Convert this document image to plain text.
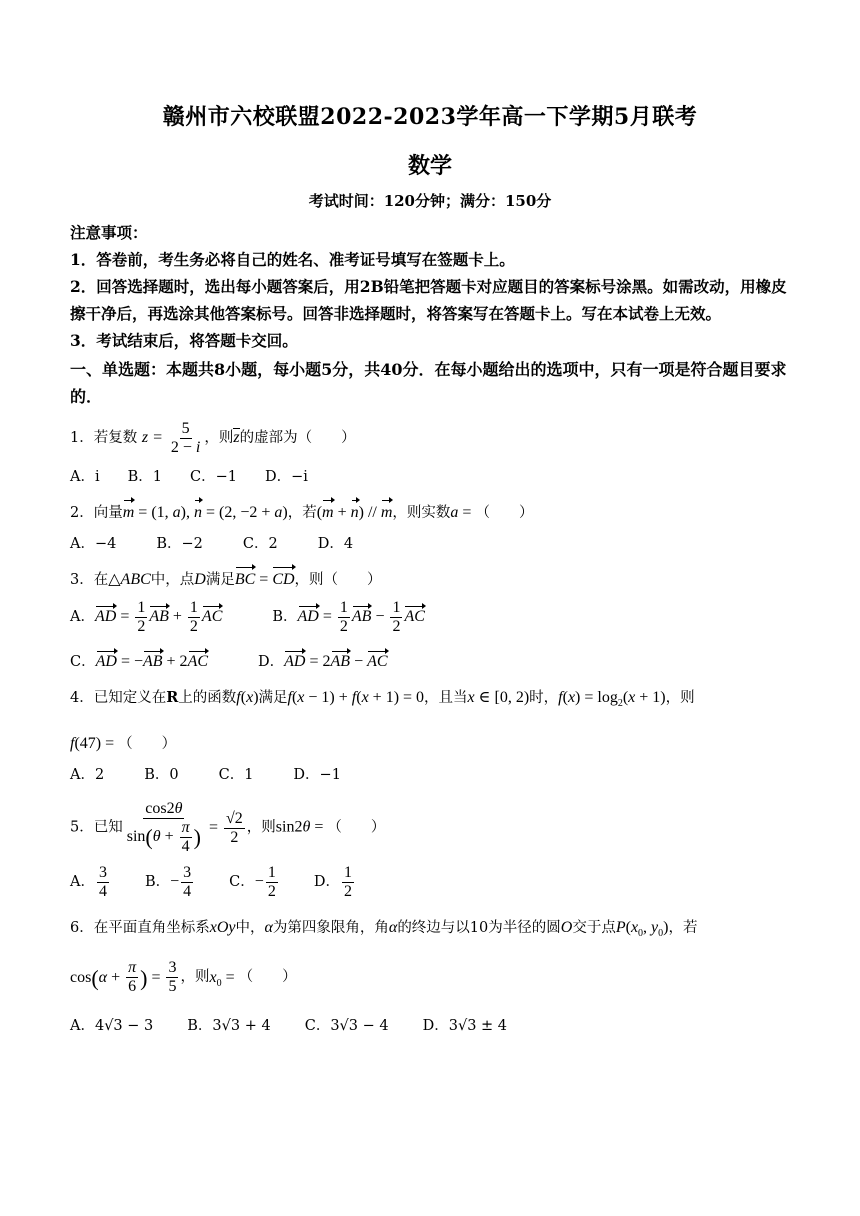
赣州市六校联盟2022-2023学年高一下学期5月联考
数学
考试时间：120分钟；满分：150分
注意事项：
1．答卷前，考生务必将自己的姓名、准考证号填写在签题卡上。
2．回答选择题时，选出每小题答案后，用2B铅笔把答题卡对应题目的答案标号涂黑。如需改动，用橡皮擦干净后，再选涂其他答案标号。回答非选择题时，将答案写在答题卡上。写在本试卷上无效。
3．考试结束后，将答题卡交回。
一、单选题：本题共8小题，每小题5分，共40分．在每小题给出的选项中，只有一项是符合题目要求的．
1．若复数 $z = \frac{5}{2 - i}$ ，则z的虚部为（　　）
A．i B．1 C．−1 D．−i
2．向量m = (1, a), n = (2, −2 + a)，若(m + n) // m，则实数a = （　　）
A．−4	B．−2	C．2	D．4
3．在△ABC中，点D满足BC = CD，则（　　）
A．AD = $\frac{1}{2}$ AB + $\frac{1}{2}$ AC	B．AD = $\frac{1}{2}$ AB − $\frac{1}{2}$ AC
C．AD = −AB + 2AC	D．AD = 2AB − AC
4．已知定义在R上的函数f(x)满足f(x − 1) + f(x + 1) = 0，且当x ∈ [0, 2)时，$f(x) = \log_2(x + 1)$，则
f(47) = （　　）
A．2	B．0	C．1	D．−1
5．已知 $\frac{\cos 2\theta}{\sin(\theta + \frac{\pi}{4} )} = \frac{√2}{2}$ ，则sin2θ = （　　）
A． $\frac{3}{4}$ B．− $\frac{3}{4}$ C．− $\frac{1}{2}$ D． $\frac{1}{2}$
6．在平面直角坐标系xOy中，α为第四象限角，角α的终边与以10为半径的圆O交于点$P(x_0$, $y_0$)，若
$\cos(\alpha + \frac{\pi}{6}$ ) = $\frac{3}{5}$ ，则$x_0$ = （　　）
A．4√3 − 3 B．3√3 + 4 C．3√3 − 4 D．3√3 ± 4
